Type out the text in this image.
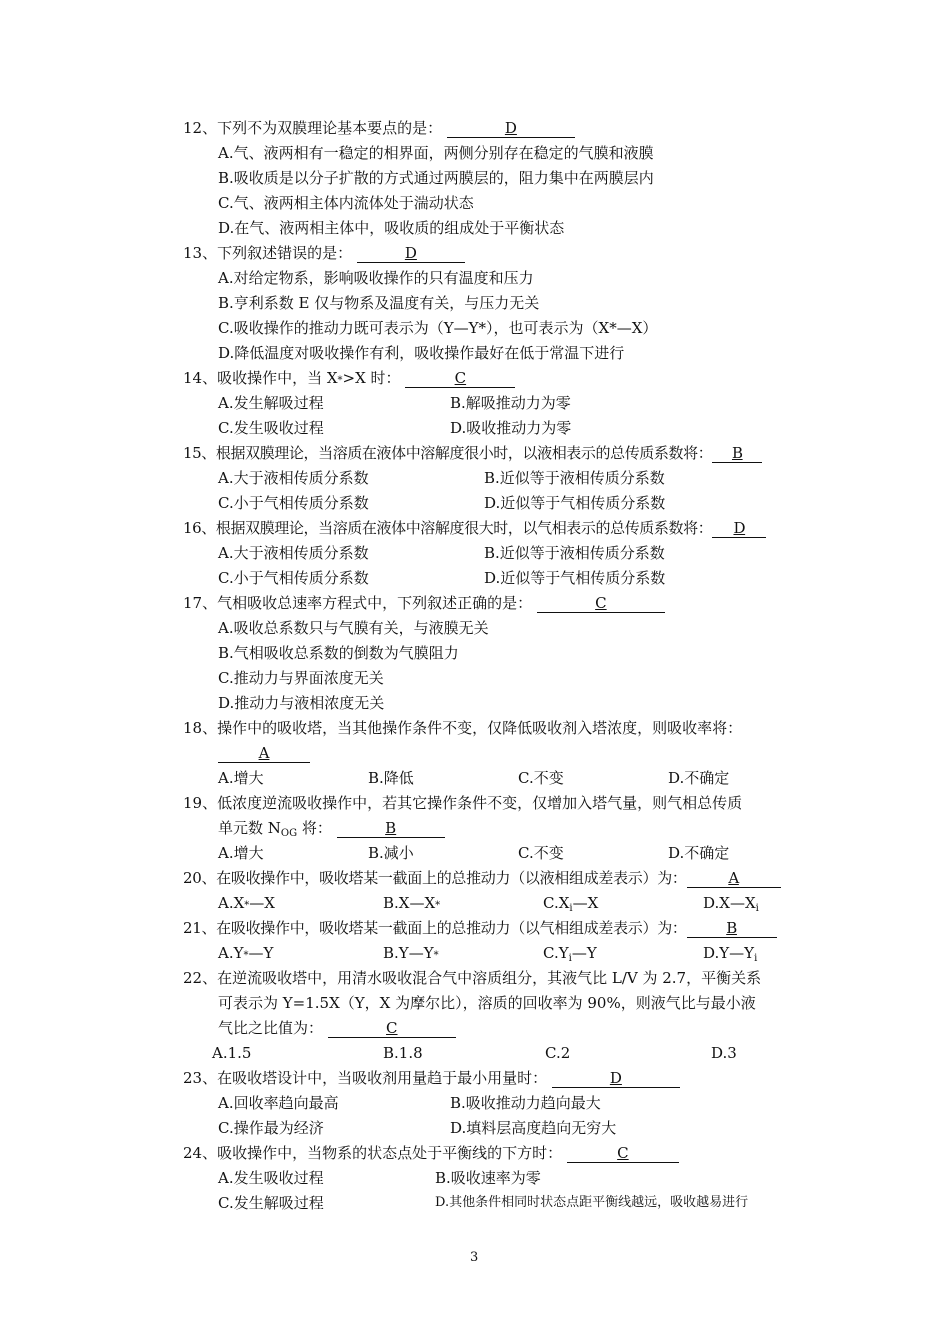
12、下列不为双膜理论基本要点的是：	D
A.气、液两相有一稳定的相界面，两侧分别存在稳定的气膜和液膜
B.吸收质是以分子扩散的方式通过两膜层的，阻力集中在两膜层内
C.气、液两相主体内流体处于湍动状态
D.在气、液两相主体中，吸收质的组成处于平衡状态
13、下列叙述错误的是：	D
A.对给定物系，影响吸收操作的只有温度和压力
B.亨利系数 E 仅与物系及温度有关，与压力无关
C.吸收操作的推动力既可表示为（Y—Y*），也可表示为（X*—X）
D.降低温度对吸收操作有利，吸收操作最好在低于常温下进行
14、吸收操作中，当 X*>X 时：	C
A.发生解吸过程	B.解吸推动力为零
C.发生吸收过程	D.吸收推动力为零
15、根据双膜理论，当溶质在液体中溶解度很小时，以液相表示的总传质系数将： B
A.大于液相传质分系数	B.近似等于液相传质分系数
C.小于气相传质分系数	D.近似等于气相传质分系数
16、根据双膜理论，当溶质在液体中溶解度很大时，以气相表示的总传质系数将： D
A.大于液相传质分系数	B.近似等于液相传质分系数
C.小于气相传质分系数	D.近似等于气相传质分系数
17、气相吸收总速率方程式中，下列叙述正确的是：	C
A.吸收总系数只与气膜有关，与液膜无关
B.气相吸收总系数的倒数为气膜阻力
C.推动力与界面浓度无关
D.推动力与液相浓度无关
18、操作中的吸收塔，当其他操作条件不变，仅降低吸收剂入塔浓度，则吸收率将：
A
A.增大	B.降低	C.不变	D.不确定
19、低浓度逆流吸收操作中，若其它操作条件不变，仅增加入塔气量，则气相总传质
单元数 $N_{OG}$ 将：	B
A.增大	B.减小	C.不变	D.不确定
20、在吸收操作中，吸收塔某一截面上的总推动力（以液相组成差表示）为：	A
A.X*—X	B.X—X*	$C.X_i—X$	$D.X—X_i$
21、在吸收操作中，吸收塔某一截面上的总推动力（以气相组成差表示）为：	B
A.Y*—Y	B.Y—Y*	$C.Y_i—Y$	$D.Y—Y_i$
22、在逆流吸收塔中，用清水吸收混合气中溶质组分，其液气比 L/V 为 2.7，平衡关系
可表示为 Y=1.5X（Y，X 为摩尔比），溶质的回收率为 90%，则液气比与最小液
气比之比值为：	C
A.1.5	B.1.8	C.2	D.3
23、在吸收塔设计中，当吸收剂用量趋于最小用量时：	D
A.回收率趋向最高	B.吸收推动力趋向最大
C.操作最为经济	D.填料层高度趋向无穷大
24、吸收操作中，当物系的状态点处于平衡线的下方时：	C
A.发生吸收过程	B.吸收速率为零
C.发生解吸过程	D.其他条件相同时状态点距平衡线越远，吸收越易进行
3
